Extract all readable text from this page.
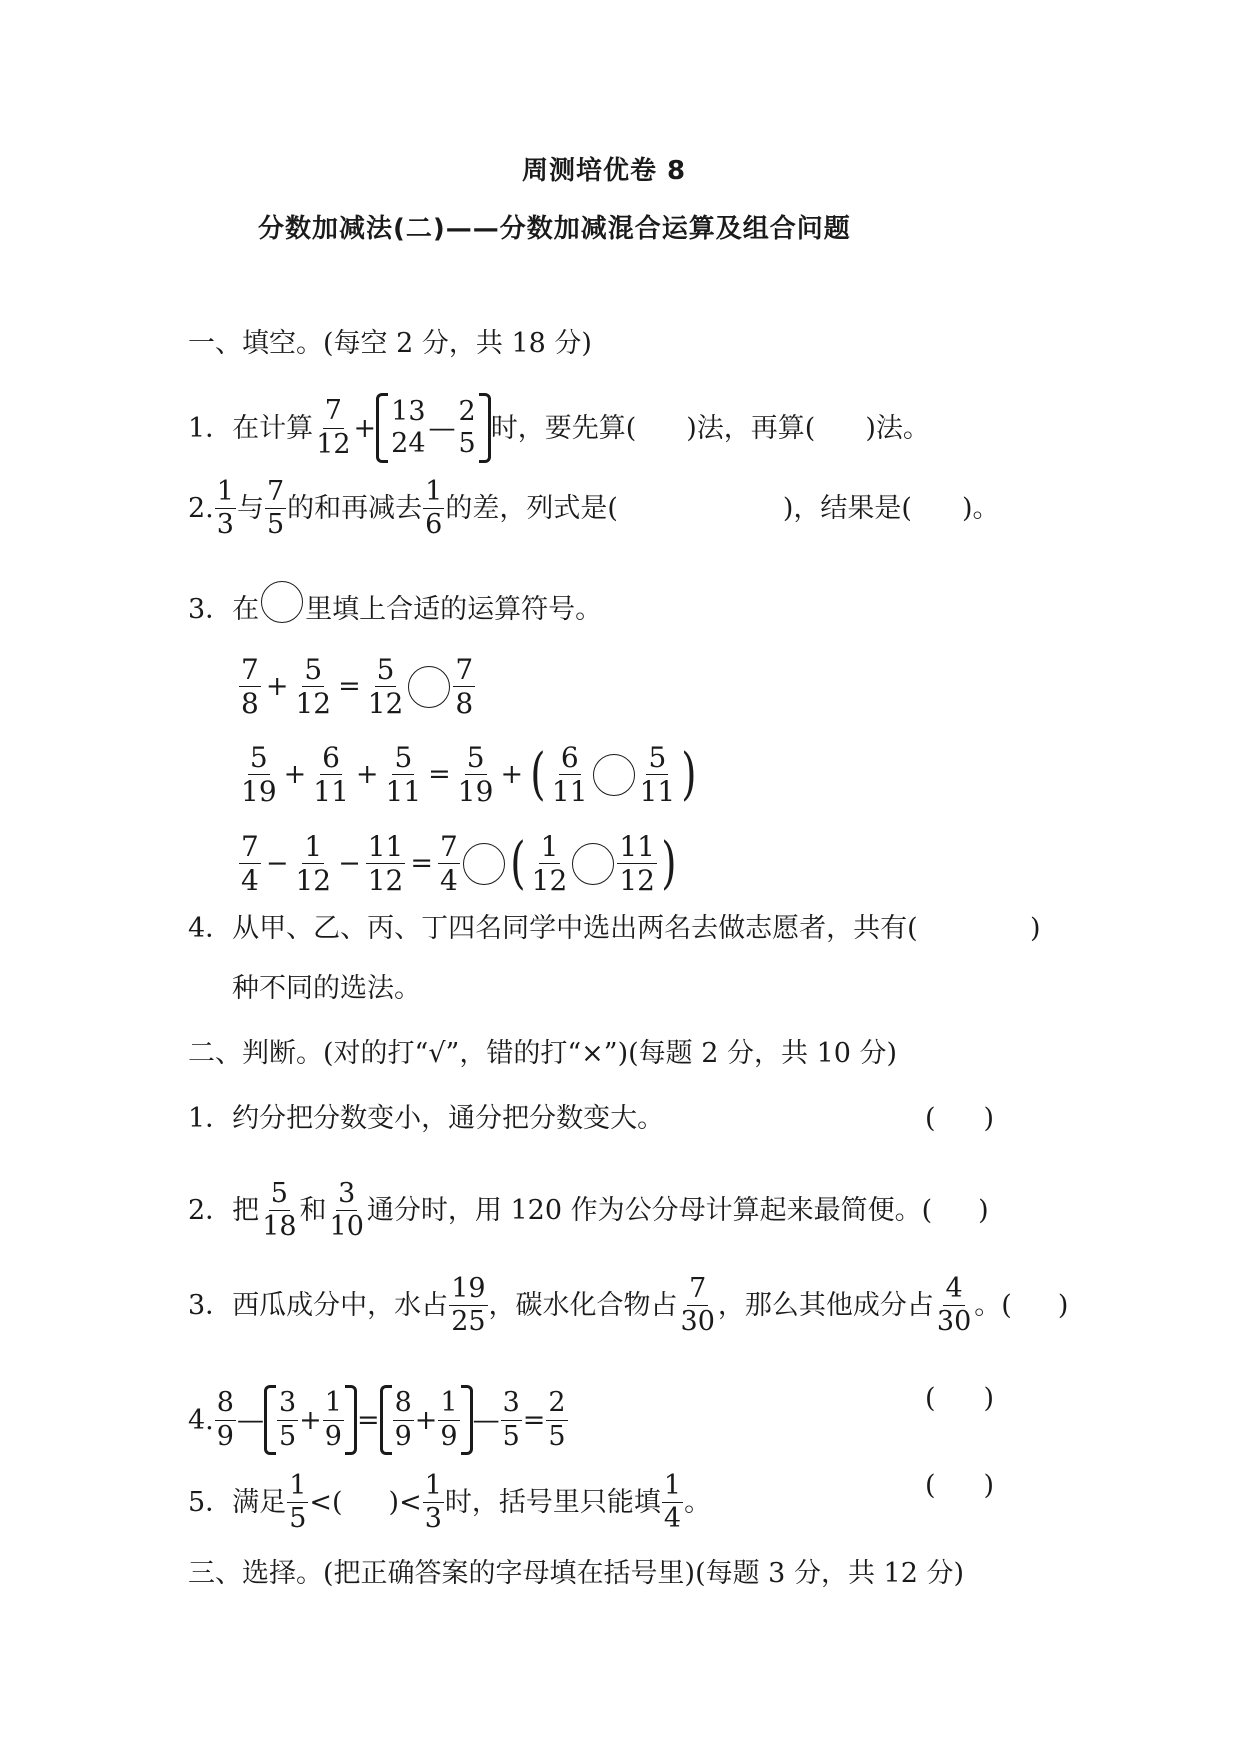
周测培优卷 8
分数加减法(二)——分数加减混合运算及组合问题
一、填空。(每空 2 分，共 18 分)
1．在计算 $\frac{7}{12}$ +
13
24 —
2
5 时，要先算( )法，再算( )法。
2. $\frac{1}{3}$ 与 $\frac{7}{5}$ 的和再减去 $\frac{1}{6}$ 的差，列式是(	)，结果是( )。
3．在 里填上合适的运算符号。
$\frac{7}{8} + \frac{5}{12} = \frac{5}{12} \frac{7}{8}$
$\frac{5}{19} + \frac{6}{11} + \frac{5}{11} = \frac{5}{19}$ + ( $\frac{6}{11} \frac{5}{11}$ )
$\frac{7}{4} - \frac{1}{12} - \frac{11}{12} = \frac{7}{4}$ ( $\frac{1}{12} \frac{11}{12}$ )
4．从甲、乙、丙、丁四名同学中选出两名去做志愿者，共有(	)
种不同的选法。
二、判断。(对的打“√”，错的打“×”)(每题 2 分，共 10 分)
1．约分把分数变小，通分把分数变大。	( )
2．把 $\frac{5}{18}$ 和 $\frac{3}{10}$ 通分时，用 120 作为公分母计算起来最简便。( )
3．西瓜成分中，水占 $\frac{19}{25}$ ，碳水化合物占 $\frac{7}{30}$ ，那么其他成分占 $\frac{4}{30}$ 。( )
4. $\frac{8}{9}$ — $\frac{3}{5} + \frac{1}{9} = \frac{8}{9} + \frac{1}{9}$ — $\frac{3}{5} = \frac{2}{5}$	( )
5．满足 $\frac{1}{5}$ <( )< $\frac{1}{3}$ 时，括号里只能填 $\frac{1}{4}$ 。
( )
三、选择。(把正确答案的字母填在括号里)(每题 3 分，共 12 分)
